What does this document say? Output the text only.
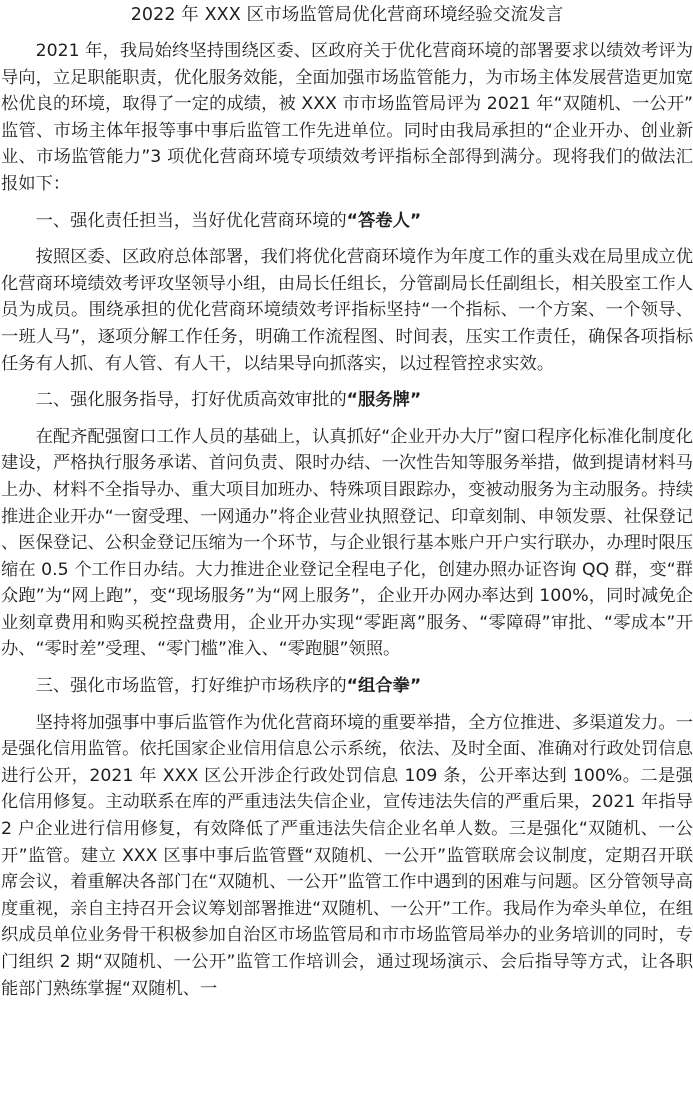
2022 年 XXX 区市场监管局优化营商环境经验交流发言

2021 年，我局始终坚持围绕区委、区政府关于优化营商环境的部署要求以绩效考评为导向，立足职能职责，优化服务效能，全面加强市场监管能力，为市场主体发展营造更加宽松优良的环境，取得了一定的成绩，被 XXX 市市场监管局评为 2021 年“双随机、一公开”监管、市场主体年报等事中事后监管工作先进单位。同时由我局承担的“企业开办、创业新业、市场监管能力”3 项优化营商环境专项绩效考评指标全部得到满分。现将我们的做法汇报如下：

一、强化责任担当，当好优化营商环境的“答卷人”

按照区委、区政府总体部署，我们将优化营商环境作为年度工作的重头戏在局里成立优化营商环境绩效考评攻坚领导小组，由局长任组长，分管副局长任副组长，相关股室工作人员为成员。围绕承担的优化营商环境绩效考评指标坚持“一个指标、一个方案、一个领导、一班人马”，逐项分解工作任务，明确工作流程图、时间表，压实工作责任，确保各项指标任务有人抓、有人管、有人干，以结果导向抓落实，以过程管控求实效。

二、强化服务指导，打好优质高效审批的“服务牌”

在配齐配强窗口工作人员的基础上，认真抓好“企业开办大厅”窗口程序化标准化制度化建设，严格执行服务承诺、首问负责、限时办结、一次性告知等服务举措，做到提请材料马上办、材料不全指导办、重大项目加班办、特殊项目跟踪办，变被动服务为主动服务。持续推进企业开办“一窗受理、一网通办”将企业营业执照登记、印章刻制、申领发票、社保登记、医保登记、公积金登记压缩为一个环节，与企业银行基本账户开户实行联办，办理时限压缩在 0.5 个工作日办结。大力推进企业登记全程电子化，创建办照办证咨询 QQ 群，变“群众跑”为“网上跑”，变“现场服务”为“网上服务”，企业开办网办率达到 100%，同时减免企业刻章费用和购买税控盘费用，企业开办实现“零距离”服务、“零障碍”审批、“零成本”开办、“零时差”受理、“零门槛”准入、“零跑腿”领照。

三、强化市场监管，打好维护市场秩序的“组合拳”

坚持将加强事中事后监管作为优化营商环境的重要举措，全方位推进、多渠道发力。一是强化信用监管。依托国家企业信用信息公示系统，依法、及时全面、准确对行政处罚信息进行公开，2021 年 XXX 区公开涉企行政处罚信息 109 条，公开率达到 100%。二是强化信用修复。主动联系在库的严重违法失信企业，宣传违法失信的严重后果，2021 年指导 2 户企业进行信用修复，有效降低了严重违法失信企业名单人数。三是强化“双随机、一公开”监管。建立 XXX 区事中事后监管暨“双随机、一公开”监管联席会议制度，定期召开联席会议，着重解决各部门在“双随机、一公开”监管工作中遇到的困难与问题。区分管领导高度重视，亲自主持召开会议筹划部署推进“双随机、一公开”工作。我局作为牵头单位，在组织成员单位业务骨干积极参加自治区市场监管局和市市场监管局举办的业务培训的同时，专门组织 2 期“双随机、一公开”监管工作培训会，通过现场演示、会后指导等方式，让各职能部门熟练掌握“双随机、一
